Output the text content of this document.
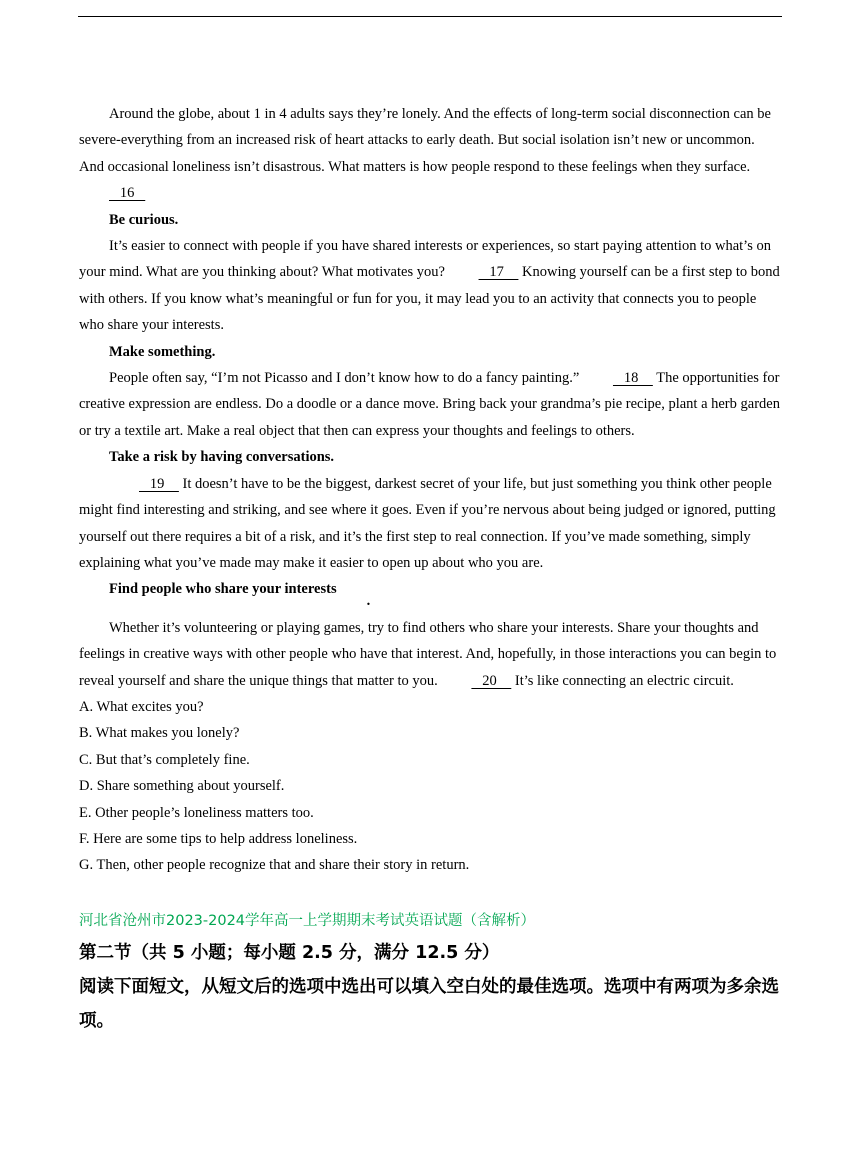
Around the globe, about 1 in 4 adults says they’re lonely. And the effects of long-term social disconnection can be severe-everything from an increased risk of heart attacks to early death. But social isolation isn’t new or uncommon. And occasional loneliness isn’t disastrous. What matters is how people respond to these feelings when they surface.    16

Be curious.

It’s easier to connect with people if you have shared interests or experiences, so start paying attention to what’s on your mind. What are you thinking about? What motivates you?    17     Knowing yourself can be a first step to bond with others. If you know what’s meaningful or fun for you, it may lead you to an activity that connects you to people who share your interests.

Make something.

People often say, “I’m not Picasso and I don’t know how to do a fancy painting.”    18     The opportunities for creative expression are endless. Do a doodle or a dance move. Bring back your grandma’s pie recipe, plant a herb garden or try a textile art. Make a real object that then can express your thoughts and feelings to others.

Take a risk by having conversations.

19     It doesn’t have to be the biggest, darkest secret of your life, but just something you think other people might find interesting and striking, and see where it goes. Even if you’re nervous about being judged or ignored, putting yourself out there requires a bit of a risk, and it’s the first step to real connection. If you’ve made something, simply explaining what you’ve made may make it easier to open up about who you are.

Find people who share your interests.

Whether it’s volunteering or playing games, try to find others who share your interests. Share your thoughts and feelings in creative ways with other people who have that interest. And, hopefully, in those interactions you can begin to reveal yourself and share the unique things that matter to you.    20     It’s like connecting an electric circuit.

A. What excites you?

B. What makes you lonely?

C. But that’s completely fine.

D. Share something about yourself.

E. Other people’s loneliness matters too.

F. Here are some tips to help address loneliness.

G. Then, other people recognize that and share their story in return.

河北省沧州市2023-2024学年高一上学期期末考试英语试题（含解析）
第二节（共 5 小题；每小题 2.5 分，满分 12.5 分）
阅读下面短文，从短文后的选项中选出可以填入空白处的最佳选项。选项中有两项为多余选项。
